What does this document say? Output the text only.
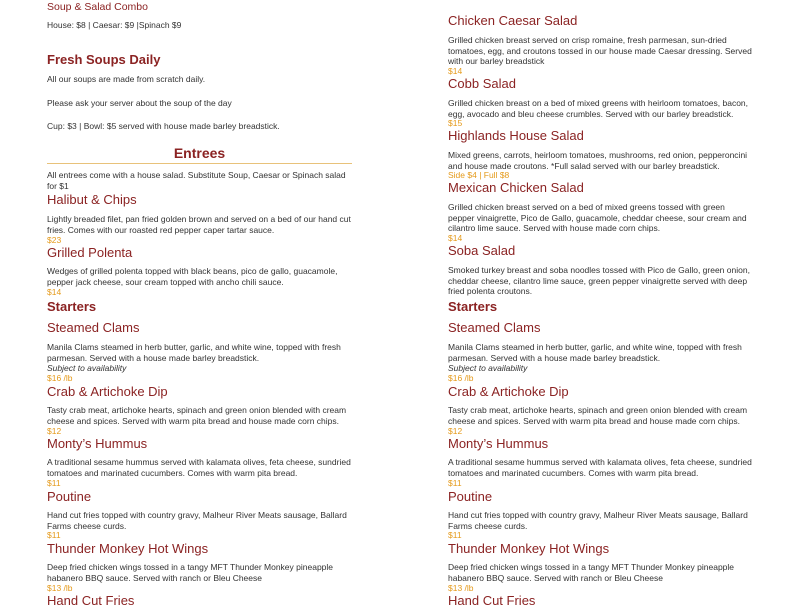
Soup & Salad Combo
House: $8 | Caesar: $9 |Spinach $9
Fresh Soups Daily
All our soups are made from scratch daily.
Please ask your server about the soup of the day
Cup: $3 | Bowl: $5 served with house made barley breadstick.
Entrees
All entrees come with a house salad. Substitute Soup, Caesar or Spinach salad for $1
Halibut & Chips
Lightly breaded filet, pan fried golden brown and served on a bed of our hand cut fries. Comes with our roasted red pepper caper tartar sauce.
$23
Grilled Polenta
Wedges of grilled polenta topped with black beans, pico de gallo, guacamole, pepper jack cheese, sour cream topped with ancho chili sauce.
$14
Starters
Steamed Clams
Manila Clams steamed in herb butter, garlic, and white wine, topped with fresh parmesan. Served with a house made barley breadstick.
Subject to availability
$16 /lb
Crab & Artichoke Dip
Tasty crab meat, artichoke hearts, spinach and green onion blended with cream cheese and spices. Served with warm pita bread and house made corn chips.
$12
Monty’s Hummus
A traditional sesame hummus served with kalamata olives, feta cheese, sundried tomatoes and marinated cucumbers. Comes with warm pita bread.
$11
Poutine
Hand cut fries topped with country gravy, Malheur River Meats sausage, Ballard Farms cheese curds.
$11
Thunder Monkey Hot Wings
Deep fried chicken wings tossed in a tangy MFT Thunder Monkey pineapple habanero BBQ sauce. Served with ranch or Bleu Cheese
$13 /lb
Hand Cut Fries
Chicken Caesar Salad
Grilled chicken breast served on crisp romaine, fresh parmesan, sun-dried tomatoes, egg, and croutons tossed in our house made Caesar dressing. Served with our barley breadstick
$14
Cobb Salad
Grilled chicken breast on a bed of mixed greens with heirloom tomatoes, bacon, egg, avocado and bleu cheese crumbles. Served with our barley breadstick.
$15
Highlands House Salad
Mixed greens, carrots, heirloom tomatoes, mushrooms, red onion, pepperoncini and house made croutons. *Full salad served with our barley breadstick.
Side $4 | Full $8
Mexican Chicken Salad
Grilled chicken breast served on a bed of mixed greens tossed with green pepper vinaigrette, Pico de Gallo, guacamole, cheddar cheese, sour cream and cilantro lime sauce. Served with house made corn chips.
$14
Soba Salad
Smoked turkey breast and soba noodles tossed with Pico de Gallo, green onion, cheddar cheese, cilantro lime sauce, green pepper vinaigrette served with deep fried polenta croutons.
Starters
Steamed Clams
Manila Clams steamed in herb butter, garlic, and white wine, topped with fresh parmesan. Served with a house made barley breadstick.
Subject to availability
$16 /lb
Crab & Artichoke Dip
Tasty crab meat, artichoke hearts, spinach and green onion blended with cream cheese and spices. Served with warm pita bread and house made corn chips.
$12
Monty’s Hummus
A traditional sesame hummus served with kalamata olives, feta cheese, sundried tomatoes and marinated cucumbers. Comes with warm pita bread.
$11
Poutine
Hand cut fries topped with country gravy, Malheur River Meats sausage, Ballard Farms cheese curds.
$11
Thunder Monkey Hot Wings
Deep fried chicken wings tossed in a tangy MFT Thunder Monkey pineapple habanero BBQ sauce. Served with ranch or Bleu Cheese
$13 /lb
Hand Cut Fries
